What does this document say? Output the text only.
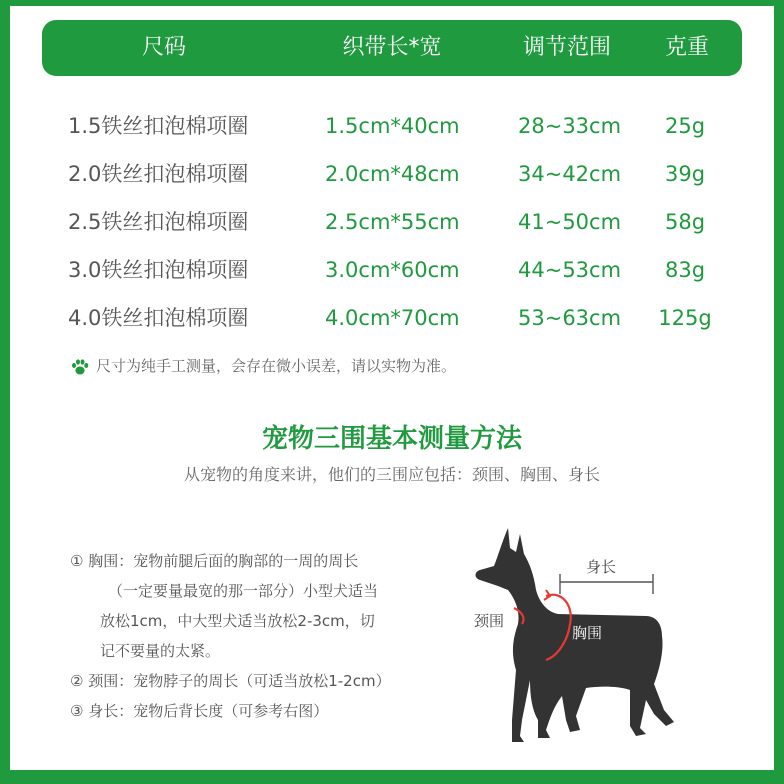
尺码	织带长*宽	调节范围	克重
1.5铁丝扣泡棉项圈	1.5cm*40cm	28~33cm	25g
2.0铁丝扣泡棉项圈	2.0cm*48cm	34~42cm	39g
2.5铁丝扣泡棉项圈	2.5cm*55cm	41~50cm	58g
3.0铁丝扣泡棉项圈	3.0cm*60cm	44~53cm	83g
4.0铁丝扣泡棉项圈	4.0cm*70cm	53~63cm	125g
尺寸为纯手工测量，会存在微小误差，请以实物为准。
宠物三围基本测量方法
从宠物的角度来讲，他们的三围应包括：颈围、胸围、身长
① 胸围：宠物前腿后面的胸部的一周的周长
（一定要量最宽的那一部分）小型犬适当
放松1cm，中大型犬适当放松2-3cm，切
记不要量的太紧。
② 颈围：宠物脖子的周长（可适当放松1-2cm）
③ 身长：宠物后背长度（可参考右图）
身长
颈围
胸围
